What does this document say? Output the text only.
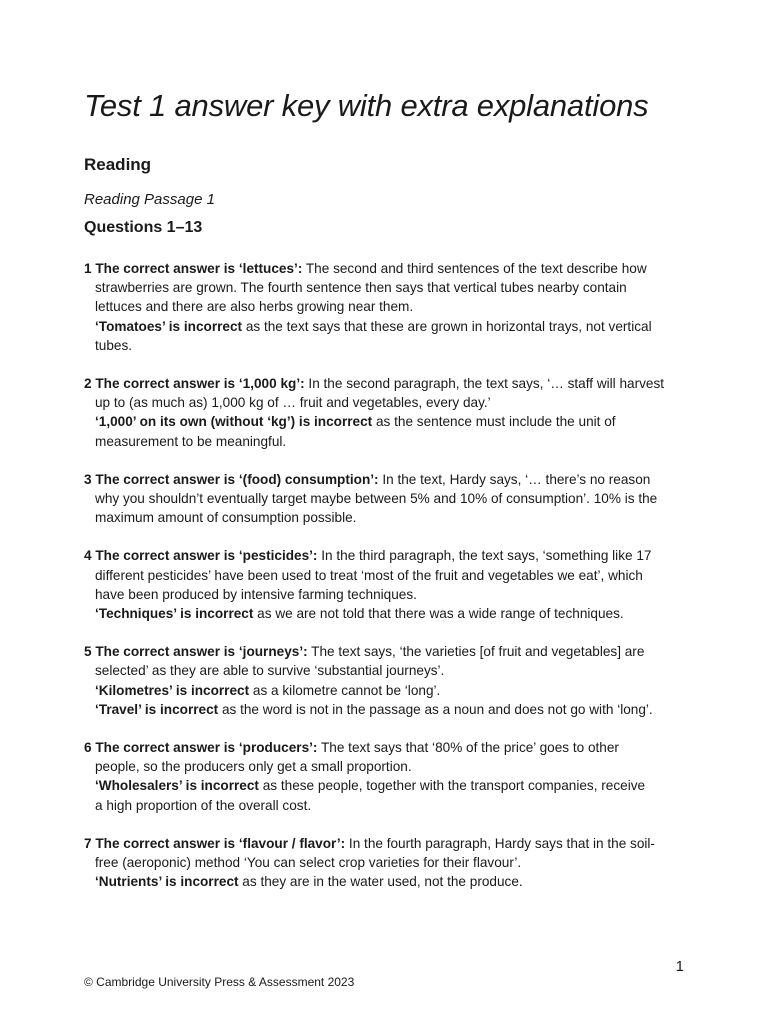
Test 1 answer key with extra explanations
Reading

Reading Passage 1

Questions 1–13
1 The correct answer is ‘lettuces’: The second and third sentences of the text describe how
strawberries are grown. The fourth sentence then says that vertical tubes nearby contain
lettuces and there are also herbs growing near them.
‘Tomatoes’ is incorrect as the text says that these are grown in horizontal trays, not vertical
tubes.
2 The correct answer is ‘1,000 kg’: In the second paragraph, the text says, ‘… staff will harvest
up to (as much as) 1,000 kg of … fruit and vegetables, every day.’
‘1,000’ on its own (without ‘kg’) is incorrect as the sentence must include the unit of
measurement to be meaningful.
3 The correct answer is ‘(food) consumption’: In the text, Hardy says, ‘… there’s no reason
why you shouldn’t eventually target maybe between 5% and 10% of consumption’. 10% is the
maximum amount of consumption possible.
4 The correct answer is ‘pesticides’: In the third paragraph, the text says, ‘something like 17
different pesticides’ have been used to treat ‘most of the fruit and vegetables we eat’, which
have been produced by intensive farming techniques.
‘Techniques’ is incorrect as we are not told that there was a wide range of techniques.
5 The correct answer is ‘journeys’: The text says, ‘the varieties [of fruit and vegetables] are
selected’ as they are able to survive ‘substantial journeys’.
‘Kilometres’ is incorrect as a kilometre cannot be ‘long’.
‘Travel’ is incorrect as the word is not in the passage as a noun and does not go with ‘long’.
6 The correct answer is ‘producers’: The text says that ‘80% of the price’ goes to other
people, so the producers only get a small proportion.
‘Wholesalers’ is incorrect as these people, together with the transport companies, receive
a high proportion of the overall cost.
7 The correct answer is ‘flavour / flavor’: In the fourth paragraph, Hardy says that in the soil-
free (aeroponic) method ‘You can select crop varieties for their flavour’.
‘Nutrients’ is incorrect as they are in the water used, not the produce.
1
© Cambridge University Press & Assessment 2023
